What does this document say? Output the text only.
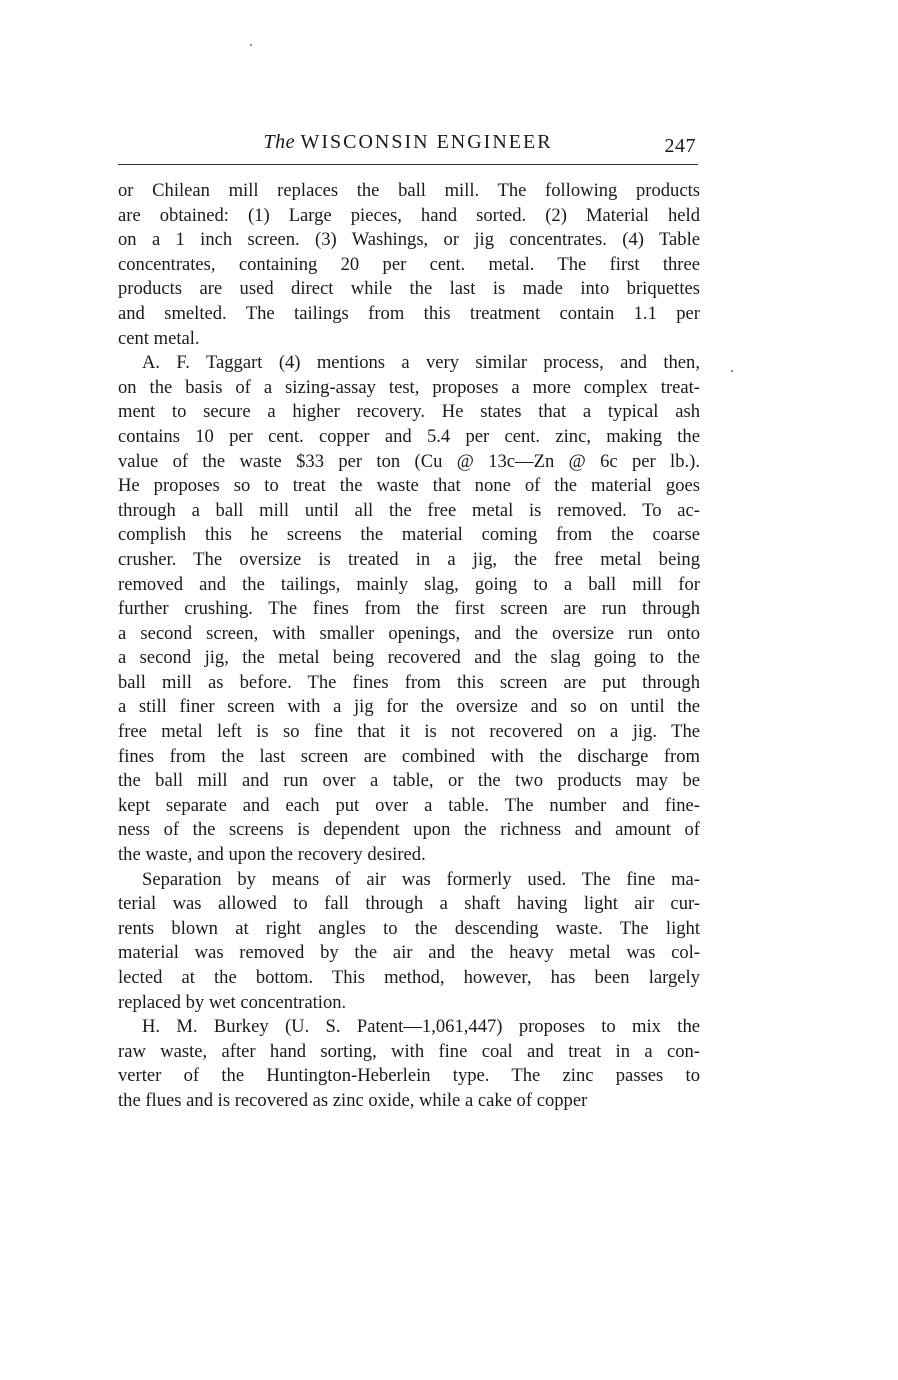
The WISCONSIN ENGINEER	247

or Chilean mill replaces the ball mill. The following products
are obtained: (1) Large pieces, hand sorted. (2) Material held
on a 1 inch screen. (3) Washings, or jig concentrates. (4) Table
concentrates, containing 20 per cent. metal. The first three
products are used direct while the last is made into briquettes
and smelted. The tailings from this treatment contain 1.1 per
cent metal.

A. F. Taggart (4) mentions a very similar process, and then,
on the basis of a sizing-assay test, proposes a more complex treat-
ment to secure a higher recovery. He states that a typical ash
contains 10 per cent. copper and 5.4 per cent. zinc, making the
value of the waste $33 per ton (Cu @ 13c—Zn @ 6c per lb.).
He proposes so to treat the waste that none of the material goes
through a ball mill until all the free metal is removed. To ac-
complish this he screens the material coming from the coarse
crusher. The oversize is treated in a jig, the free metal being
removed and the tailings, mainly slag, going to a ball mill for
further crushing. The fines from the first screen are run through
a second screen, with smaller openings, and the oversize run onto
a second jig, the metal being recovered and the slag going to the
ball mill as before. The fines from this screen are put through
a still finer screen with a jig for the oversize and so on until the
free metal left is so fine that it is not recovered on a jig. The
fines from the last screen are combined with the discharge from
the ball mill and run over a table, or the two products may be
kept separate and each put over a table. The number and fine-
ness of the screens is dependent upon the richness and amount of
the waste, and upon the recovery desired.

Separation by means of air was formerly used. The fine ma-
terial was allowed to fall through a shaft having light air cur-
rents blown at right angles to the descending waste. The light
material was removed by the air and the heavy metal was col-
lected at the bottom. This method, however, has been largely
replaced by wet concentration.

H. M. Burkey (U. S. Patent—1,061,447) proposes to mix the
raw waste, after hand sorting, with fine coal and treat in a con-
verter of the Huntington-Heberlein type. The zinc passes to
the flues and is recovered as zinc oxide, while a cake of copper
